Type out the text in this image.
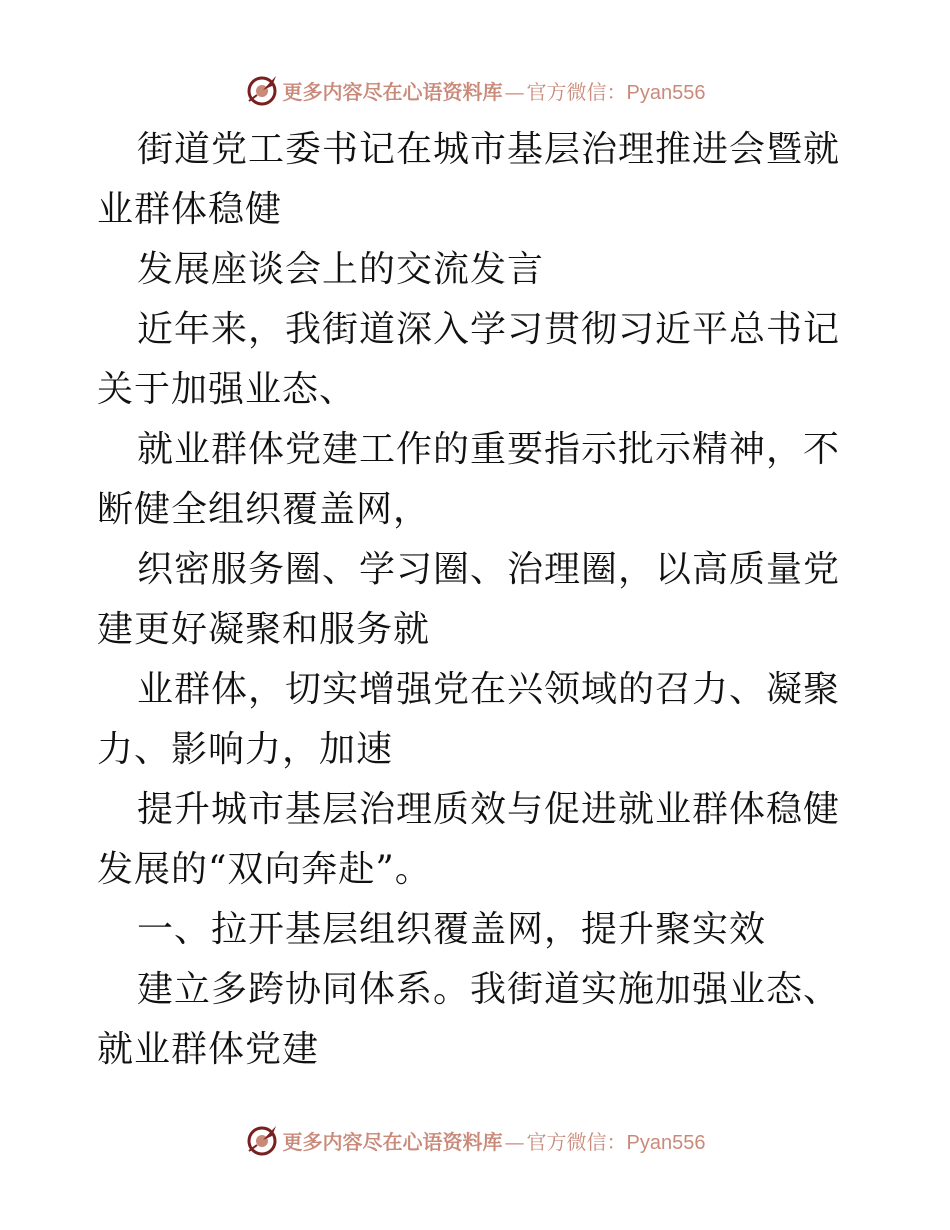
更多内容尽在心语资料库 — 官方微信： Pyan556

街道党工委书记在城市基层治理推进会暨就业群体稳健

发展座谈会上的交流发言

近年来，我街道深入学习贯彻习近平总书记关于加强业态、

就业群体党建工作的重要指示批示精神，不断健全组织覆盖网，

织密服务圈、学习圈、治理圈，以高质量党建更好凝聚和服务就

业群体，切实增强党在兴领域的召力、凝聚力、影响力，加速

提升城市基层治理质效与促进就业群体稳健发展的“双向奔赴”。

一、拉开基层组织覆盖网，提升聚实效

建立多跨协同体系。我街道实施加强业态、就业群体党建

更多内容尽在心语资料库 — 官方微信： Pyan556
